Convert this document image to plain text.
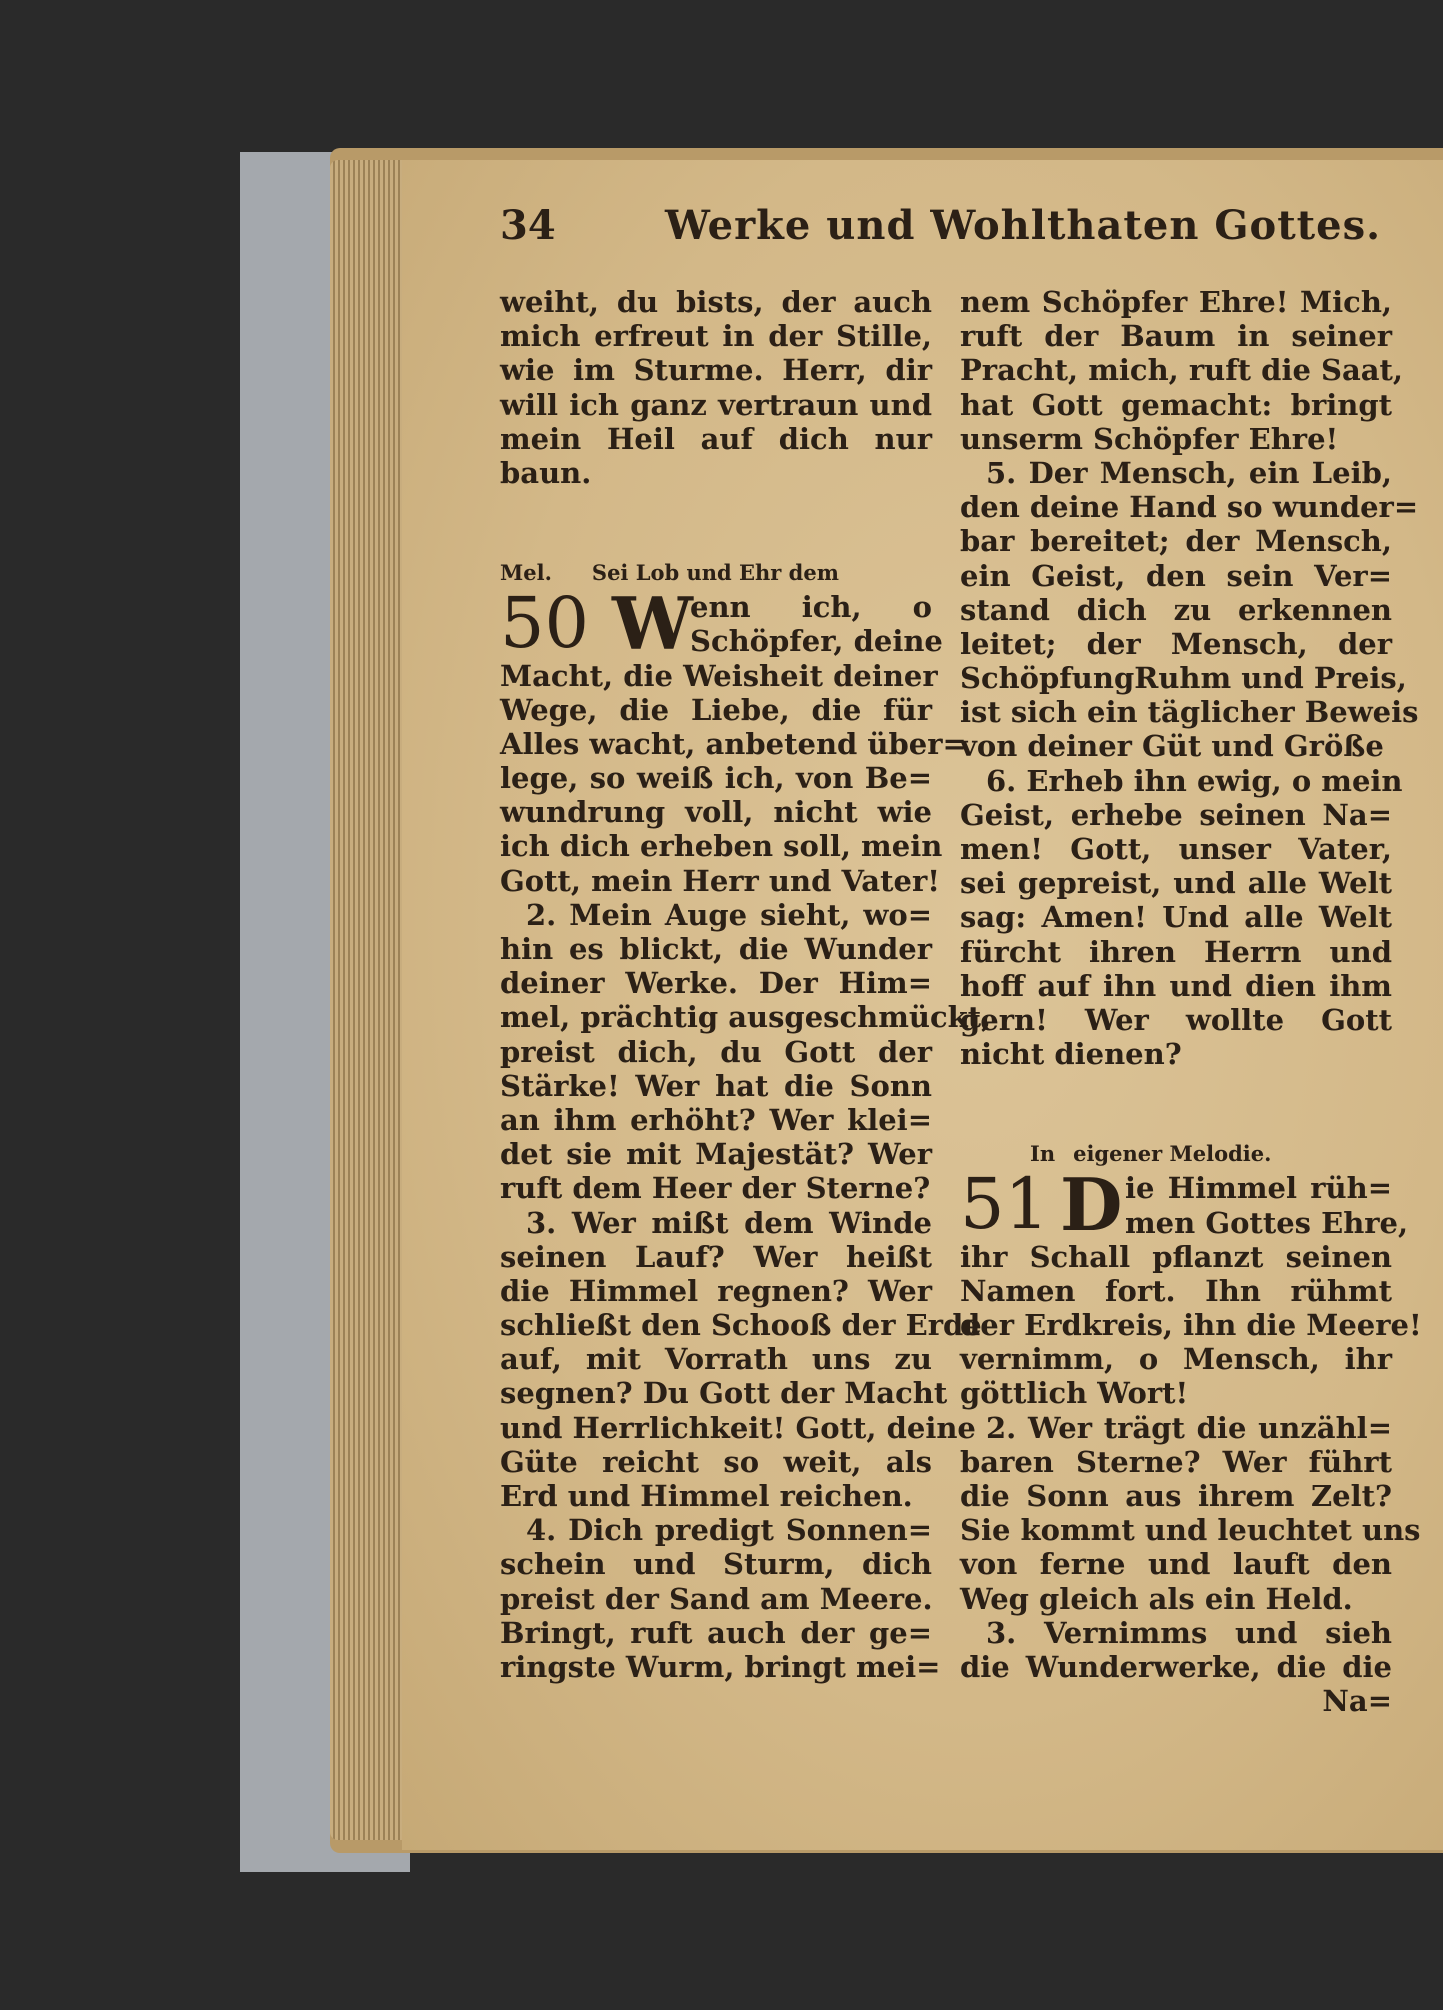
34	Werke und Wohlthaten Gottes.
weiht, du bists, der auch
mich erfreut in der Stille,
wie im Sturme. Herr, dir
will ich ganz vertraun und
mein Heil auf dich nur
baun.
Mel. Sei Lob und Ehr dem
50 W
enn ich, o
Schöpfer, deine
Macht, die Weisheit deiner
Wege, die Liebe, die für
Alles wacht, anbetend über=
lege, so weiß ich, von Be=
wundrung voll, nicht wie
ich dich erheben soll, mein
Gott, mein Herr und Vater!
2. Mein Auge sieht, wo=
hin es blickt, die Wunder
deiner Werke. Der Him=
mel, prächtig ausgeschmückt,
preist dich, du Gott der
Stärke! Wer hat die Sonn
an ihm erhöht? Wer klei=
det sie mit Majestät? Wer
ruft dem Heer der Sterne?
3. Wer mißt dem Winde
seinen Lauf? Wer heißt
die Himmel regnen? Wer
schließt den Schooß der Erde
auf, mit Vorrath uns zu
segnen? Du Gott der Macht
und Herrlichkeit! Gott, deine
Güte reicht so weit, als
Erd und Himmel reichen.
4. Dich predigt Sonnen=
schein und Sturm, dich
preist der Sand am Meere.
Bringt, ruft auch der ge=
ringste Wurm, bringt mei=
nem Schöpfer Ehre! Mich,
ruft der Baum in seiner
Pracht, mich, ruft die Saat,
hat Gott gemacht: bringt
unserm Schöpfer Ehre!
5. Der Mensch, ein Leib,
den deine Hand so wunder=
bar bereitet; der Mensch,
ein Geist, den sein Ver=
stand dich zu erkennen
leitet; der Mensch, der
SchöpfungRuhm und Preis,
ist sich ein täglicher Beweis
von deiner Güt und Größe
6. Erheb ihn ewig, o mein
Geist, erhebe seinen Na=
men! Gott, unser Vater,
sei gepreist, und alle Welt
sag: Amen! Und alle Welt
fürcht ihren Herrn und
hoff auf ihn und dien ihm
gern! Wer wollte Gott
nicht dienen?
In eigener Melodie.
51 D ie Himmel rüh=
men Gottes Ehre,
ihr Schall pflanzt seinen
Namen fort. Ihn rühmt
der Erdkreis, ihn die Meere!
vernimm, o Mensch, ihr
göttlich Wort!
2. Wer trägt die unzähl=
baren Sterne? Wer führt
die Sonn aus ihrem Zelt?
Sie kommt und leuchtet uns
von ferne und lauft den
Weg gleich als ein Held.
3. Vernimms und sieh
die Wunderwerke, die die
Na=
